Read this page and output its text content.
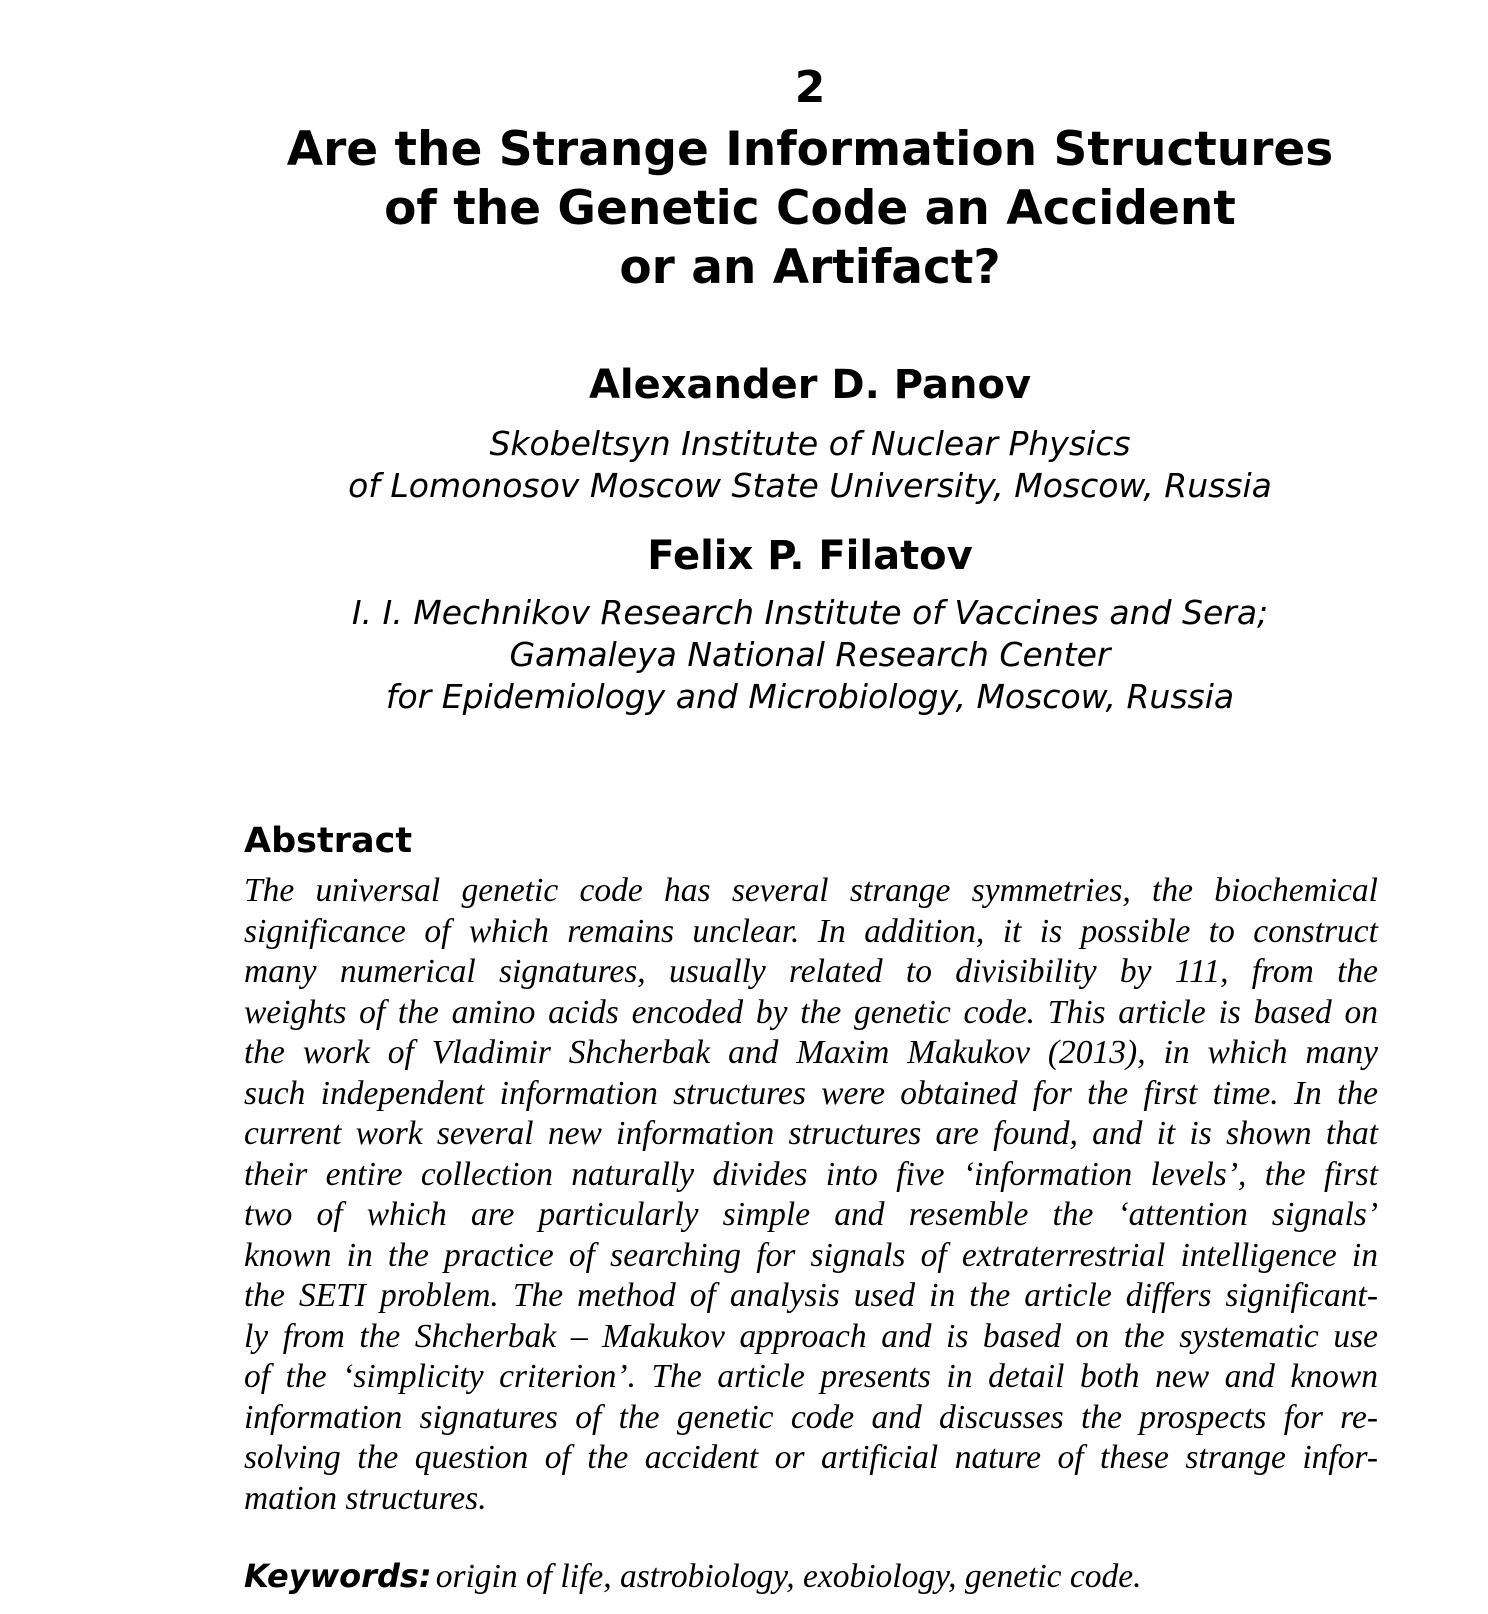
2
Are the Strange Information Structures
of the Genetic Code an Accident
or an Artifact?
Alexander D. Panov
Skobeltsyn Institute of Nuclear Physics
of Lomonosov Moscow State University, Moscow, Russia
Felix P. Filatov
I. I. Mechnikov Research Institute of Vaccines and Sera;
Gamaleya National Research Center
for Epidemiology and Microbiology, Moscow, Russia
Abstract
The universal genetic code has several strange symmetries, the biochemical
significance of which remains unclear. In addition, it is possible to construct
many numerical signatures, usually related to divisibility by 111, from the
weights of the amino acids encoded by the genetic code. This article is based on
the work of Vladimir Shcherbak and Maxim Makukov (2013), in which many
such independent information structures were obtained for the first time. In the
current work several new information structures are found, and it is shown that
their entire collection naturally divides into five ‘information levels’, the first
two of which are particularly simple and resemble the ‘attention signals’
known in the practice of searching for signals of extraterrestrial intelligence in
the SETI problem. The method of analysis used in the article differs significant-
ly from the Shcherbak – Makukov approach and is based on the systematic use
of the ‘simplicity criterion’. The article presents in detail both new and known
information signatures of the genetic code and discusses the prospects for re-
solving the question of the accident or artificial nature of these strange infor-
mation structures.
Keywords: origin of life, astrobiology, exobiology, genetic code.
